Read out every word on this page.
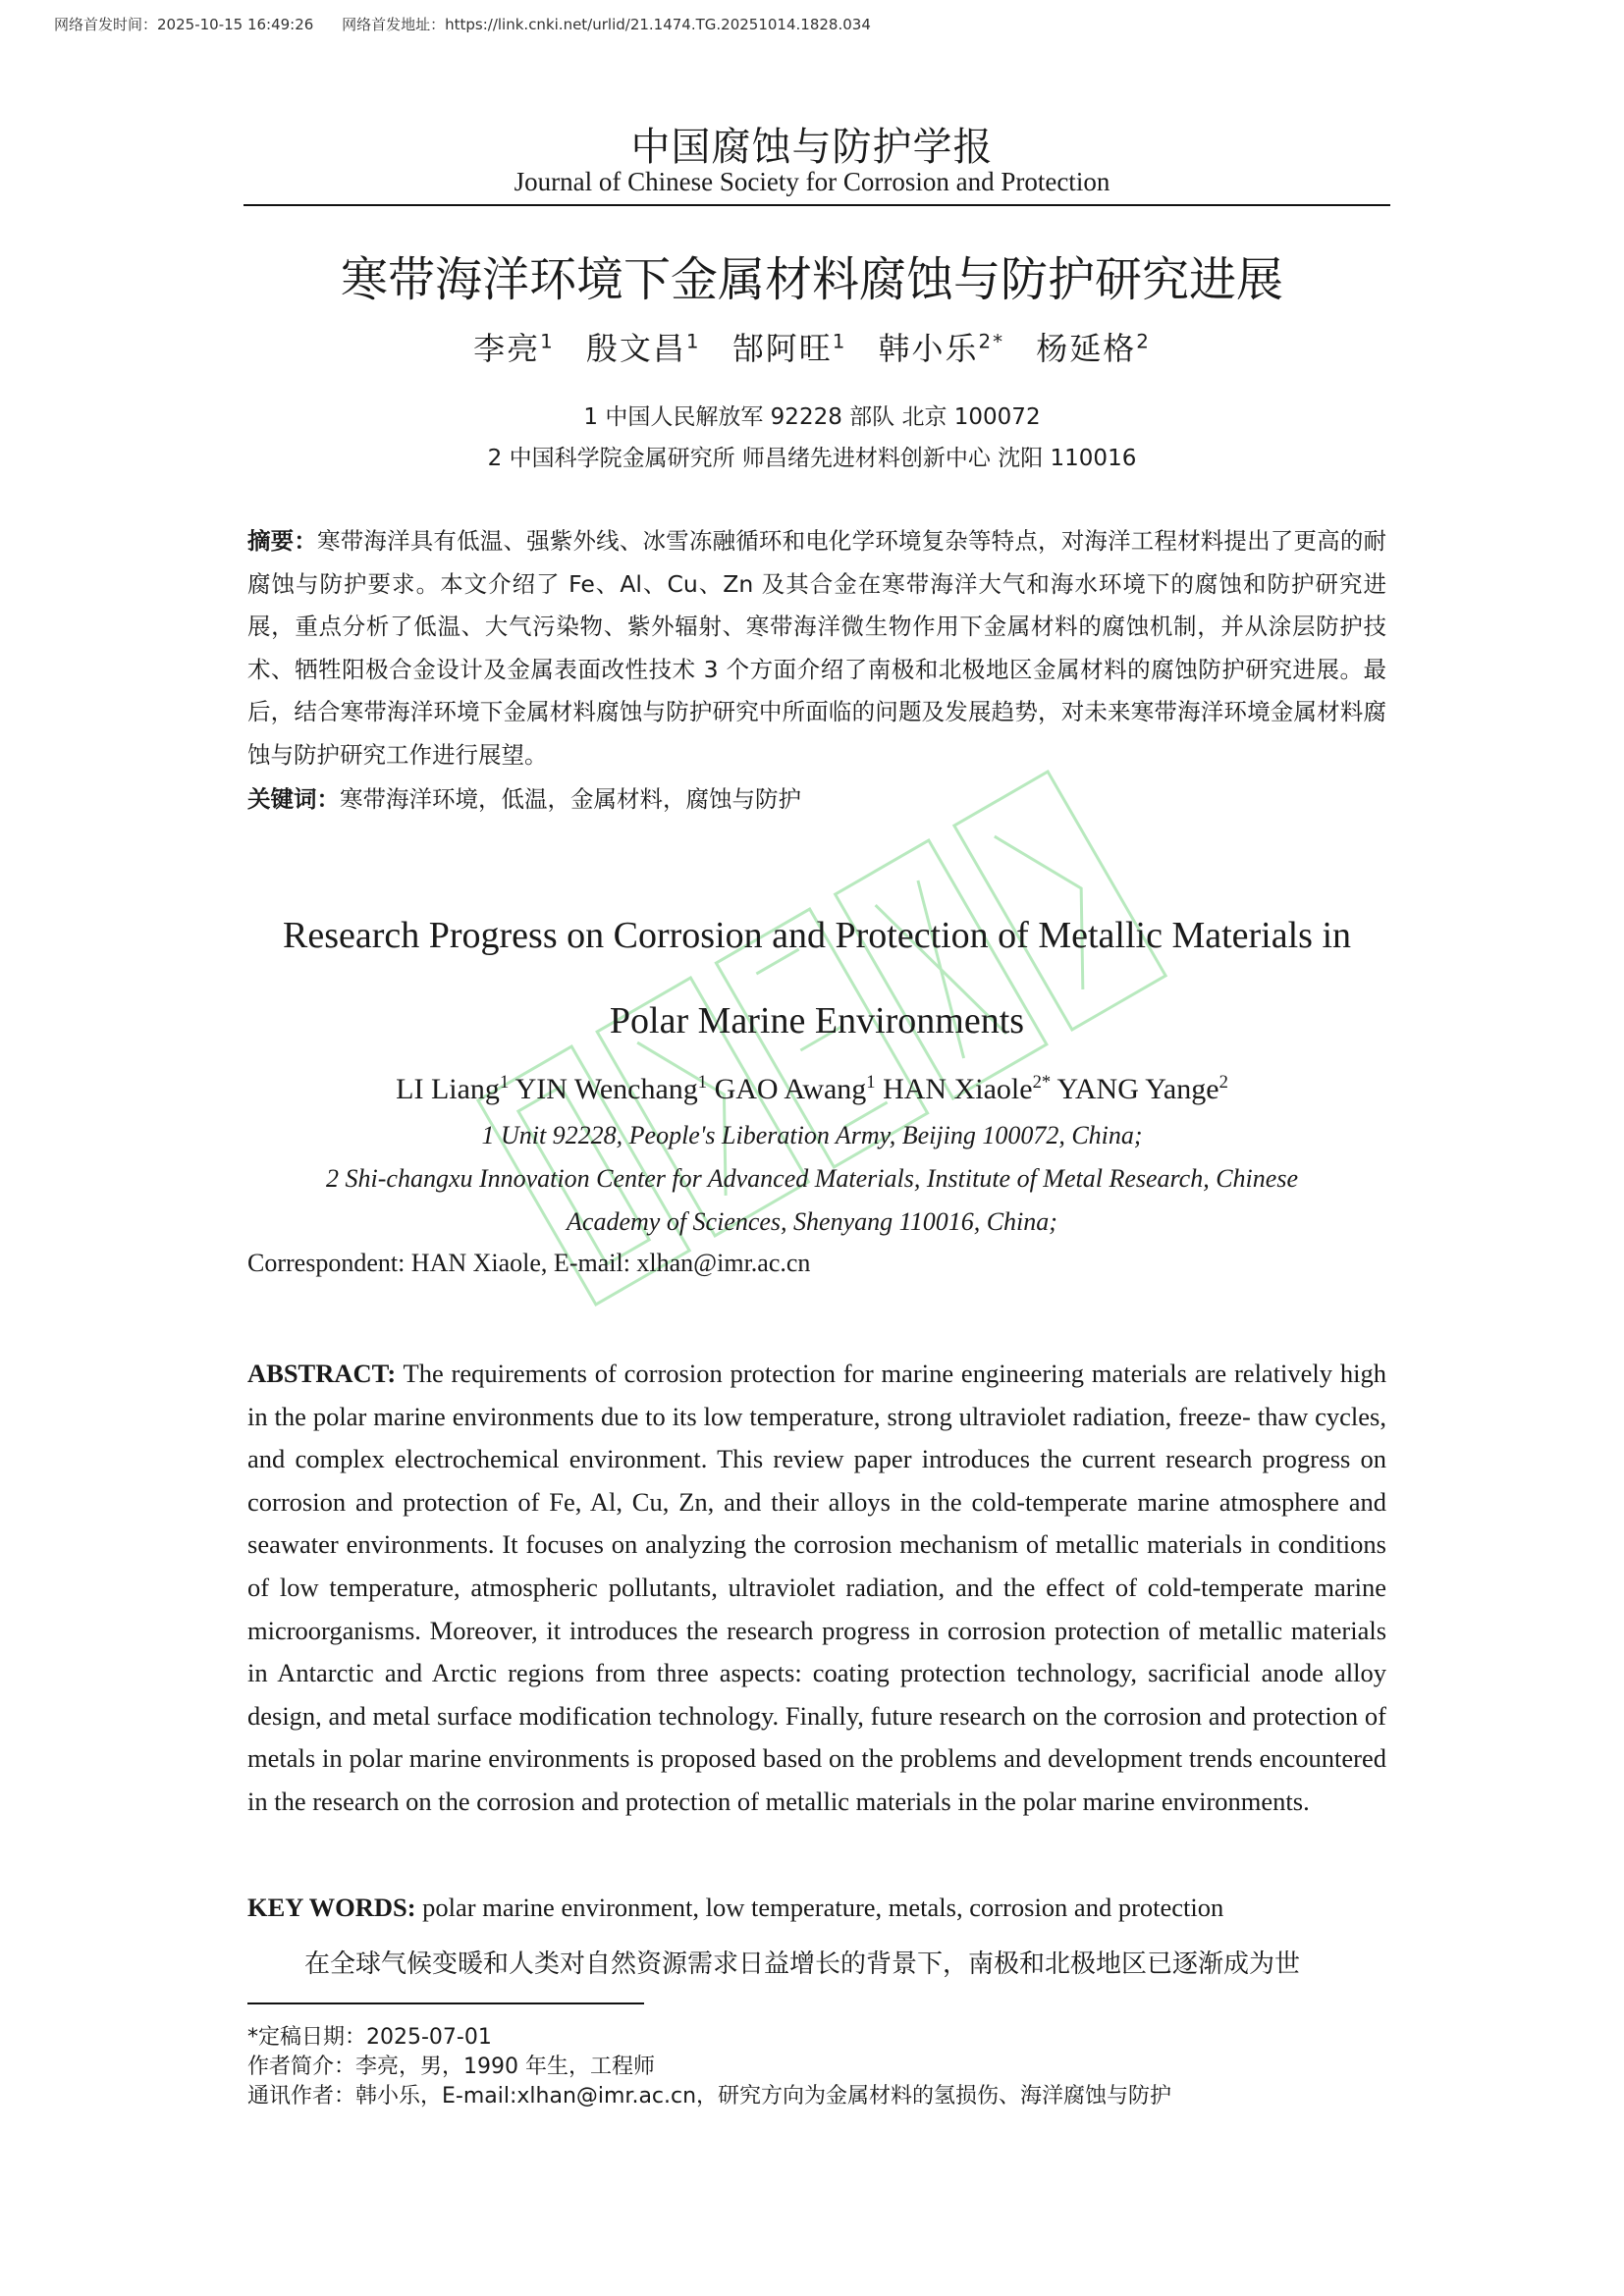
网络首发时间：2025-10-15 16:49:26 网络首发地址：https://link.cnki.net/urlid/21.1474.TG.20251014.1828.034
中国腐蚀与防护学报
Journal of Chinese Society for Corrosion and Protection
寒带海洋环境下金属材料腐蚀与防护研究进展
李亮$^1$ 殷文昌$^1$ 郜阿旺$^1$ 韩小乐$^{2*}$ 杨延格$^2$
1 中国人民解放军 92228 部队 北京 100072
2 中国科学院金属研究所 师昌绪先进材料创新中心 沈阳 110016
摘要：寒带海洋具有低温、强紫外线、冰雪冻融循环和电化学环境复杂等特点，对海洋工程材料提出了更高的耐腐蚀与防护要求。本文介绍了 Fe、Al、Cu、Zn 及其合金在寒带海洋大气和海水环境下的腐蚀和防护研究进展，重点分析了低温、大气污染物、紫外辐射、寒带海洋微生物作用下金属材料的腐蚀机制，并从涂层防护技术、牺牲阳极合金设计及金属表面改性技术 3 个方面介绍了南极和北极地区金属材料的腐蚀防护研究进展。最后，结合寒带海洋环境下金属材料腐蚀与防护研究中所面临的问题及发展趋势，对未来寒带海洋环境金属材料腐蚀与防护研究工作进行展望。
关键词：寒带海洋环境，低温，金属材料，腐蚀与防护
Research Progress on Corrosion and Protection of Metallic Materials in Polar Marine Environments
LI Liang$^1$ YIN Wenchang$^1$ GAO Awang$^1$ HAN Xiaole$^{2*}$ YANG Yange$^2$
1 Unit 92228, People's Liberation Army, Beijing 100072, China;
2 Shi-changxu Innovation Center for Advanced Materials, Institute of Metal Research, Chinese
Academy of Sciences, Shenyang 110016, China;
Correspondent: HAN Xiaole, E-mail: xlhan@imr.ac.cn
ABSTRACT: The requirements of corrosion protection for marine engineering materials are relatively high in the polar marine environments due to its low temperature, strong ultraviolet radiation, freeze- thaw cycles, and complex electrochemical environment. This review paper introduces the current research progress on corrosion and protection of Fe, Al, Cu, Zn, and their alloys in the cold-temperate marine atmosphere and seawater environments. It focuses on analyzing the corrosion mechanism of metallic materials in conditions of low temperature, atmospheric pollutants, ultraviolet radiation, and the effect of cold-temperate marine microorganisms. Moreover, it introduces the research progress in corrosion protection of metallic materials in Antarctic and Arctic regions from three aspects: coating protection technology, sacrificial anode alloy design, and metal surface modification technology. Finally, future research on the corrosion and protection of metals in polar marine environments is proposed based on the problems and development trends encountered in the research on the corrosion and protection of metallic materials in the polar marine environments.
KEY WORDS: polar marine environment, low temperature, metals, corrosion and protection
在全球气候变暖和人类对自然资源需求日益增长的背景下，南极和北极地区已逐渐成为世
*定稿日期：2025-07-01
作者简介：李亮，男，1990 年生，工程师
通讯作者：韩小乐，E-mail:xlhan@imr.ac.cn，研究方向为金属材料的氢损伤、海洋腐蚀与防护
